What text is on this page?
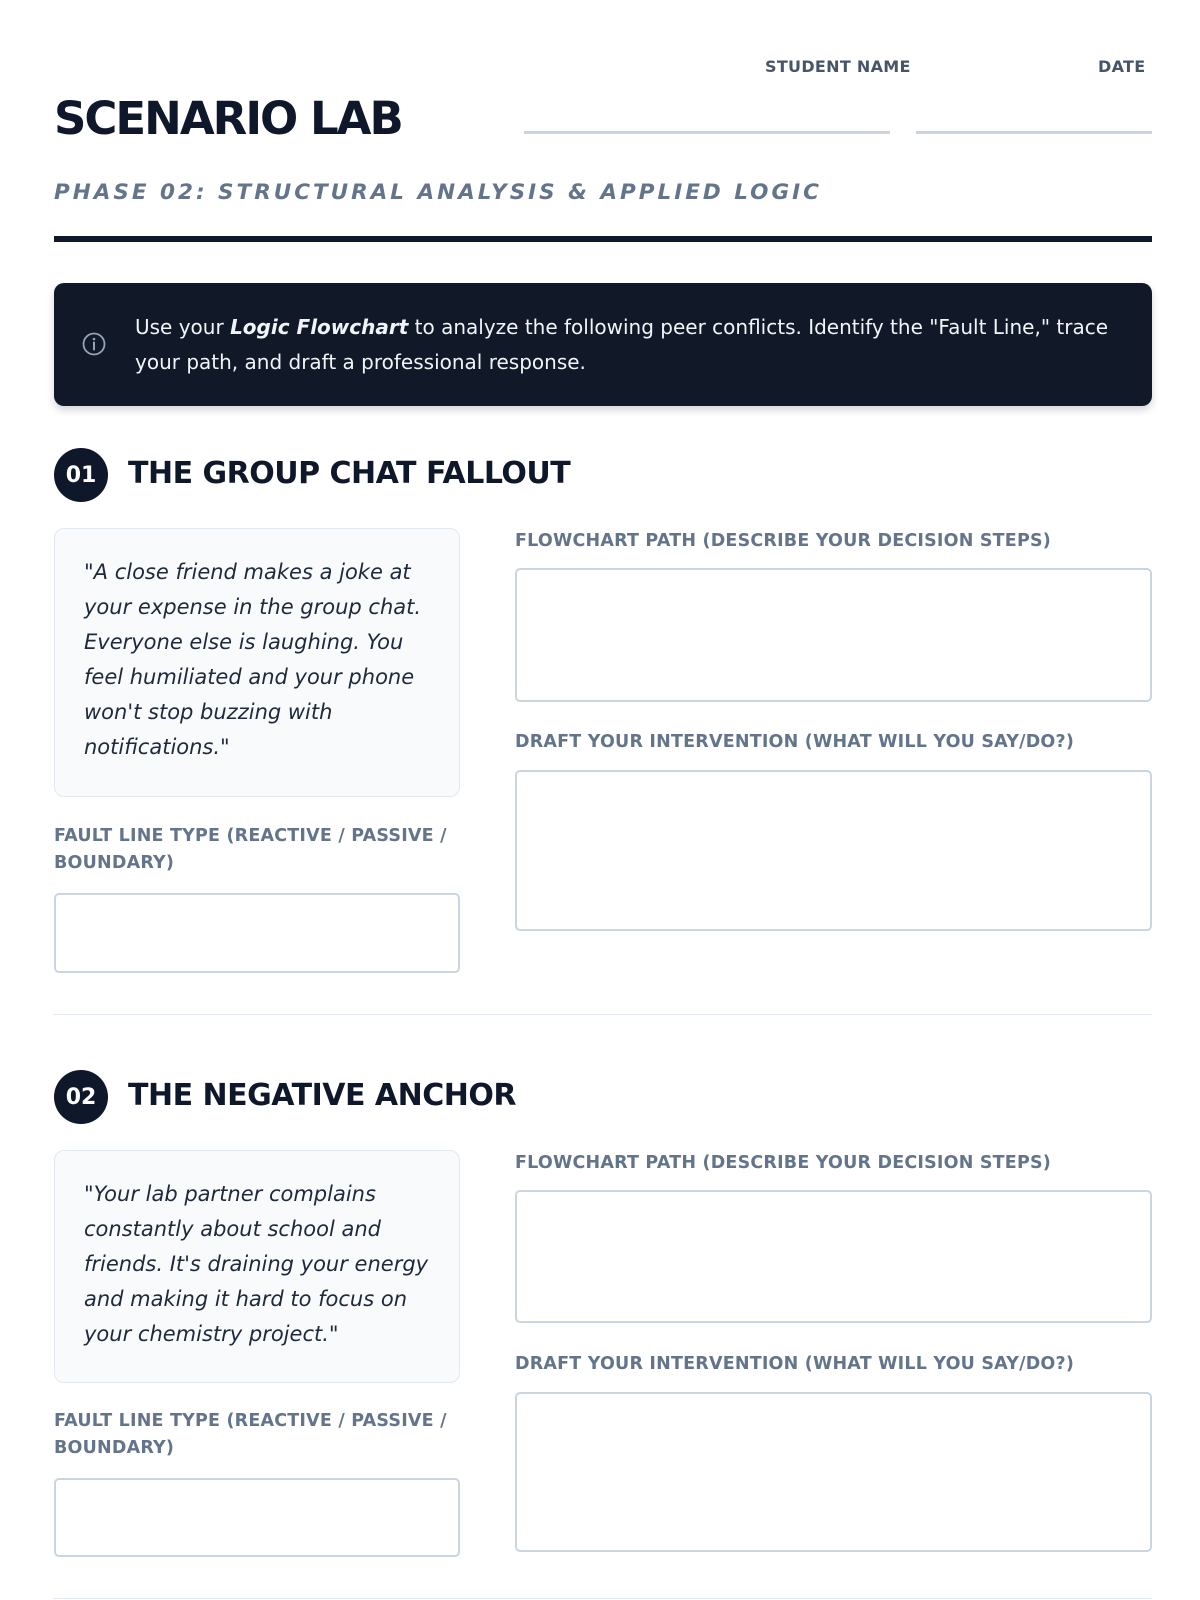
SCENARIO LAB
PHASE 02: STRUCTURAL ANALYSIS & APPLIED LOGIC
STUDENT NAME	DATE
Use your Logic Flowchart to analyze the following peer conflicts. Identify the "Fault Line," trace your path, and draft a professional response.
01	THE GROUP CHAT FALLOUT
"A close friend makes a joke at your expense in the group chat. Everyone else is laughing. You feel humiliated and your phone won't stop buzzing with notifications."
FAULT LINE TYPE (REACTIVE / PASSIVE / BOUNDARY)
FLOWCHART PATH (DESCRIBE YOUR DECISION STEPS)
DRAFT YOUR INTERVENTION (WHAT WILL YOU SAY/DO?)
02	THE NEGATIVE ANCHOR
"Your lab partner complains constantly about school and friends. It's draining your energy and making it hard to focus on your chemistry project."
FAULT LINE TYPE (REACTIVE / PASSIVE / BOUNDARY)
FLOWCHART PATH (DESCRIBE YOUR DECISION STEPS)
DRAFT YOUR INTERVENTION (WHAT WILL YOU SAY/DO?)
